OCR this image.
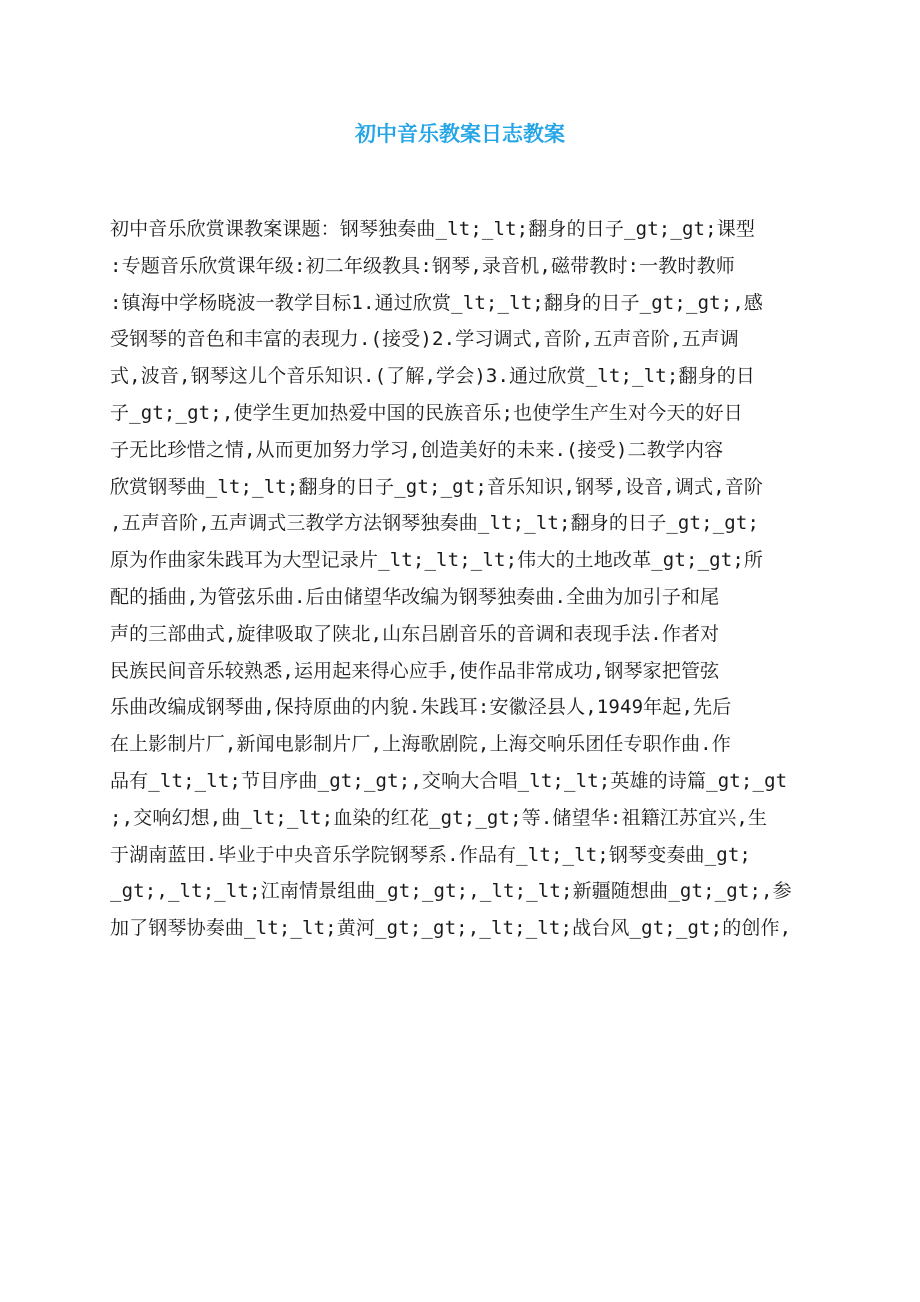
初中音乐教案日志教案
初中音乐欣赏课教案课题：钢琴独奏曲_lt;_lt;翻身的日子_gt;_gt;课型
:专题音乐欣赏课年级:初二年级教具:钢琴,录音机,磁带教时:一教时教师
:镇海中学杨晓波一教学目标1.通过欣赏_lt;_lt;翻身的日子_gt;_gt;,感
受钢琴的音色和丰富的表现力.(接受)2.学习调式,音阶,五声音阶,五声调
式,波音,钢琴这儿个音乐知识.(了解,学会)3.通过欣赏_lt;_lt;翻身的日
子_gt;_gt;,使学生更加热爱中国的民族音乐;也使学生产生对今天的好日
子无比珍惜之情,从而更加努力学习,创造美好的未来.(接受)二教学内容
欣赏钢琴曲_lt;_lt;翻身的日子_gt;_gt;音乐知识,钢琴,设音,调式,音阶
,五声音阶,五声调式三教学方法钢琴独奏曲_lt;_lt;翻身的日子_gt;_gt;
原为作曲家朱践耳为大型记录片_lt;_lt;_lt;伟大的土地改革_gt;_gt;所
配的插曲,为管弦乐曲.后由储望华改编为钢琴独奏曲.全曲为加引子和尾
声的三部曲式,旋律吸取了陕北,山东吕剧音乐的音调和表现手法.作者对
民族民间音乐较熟悉,运用起来得心应手,使作品非常成功,钢琴家把管弦
乐曲改编成钢琴曲,保持原曲的内貌.朱践耳:安徽泾县人,1949年起,先后
在上影制片厂,新闻电影制片厂,上海歌剧院,上海交响乐团任专职作曲.作
品有_lt;_lt;节目序曲_gt;_gt;,交响大合唱_lt;_lt;英雄的诗篇_gt;_gt
;,交响幻想,曲_lt;_lt;血染的红花_gt;_gt;等.储望华:祖籍江苏宜兴,生
于湖南蓝田.毕业于中央音乐学院钢琴系.作品有_lt;_lt;钢琴变奏曲_gt;
_gt;,_lt;_lt;江南情景组曲_gt;_gt;,_lt;_lt;新疆随想曲_gt;_gt;,参
加了钢琴协奏曲_lt;_lt;黄河_gt;_gt;,_lt;_lt;战台风_gt;_gt;的创作,
